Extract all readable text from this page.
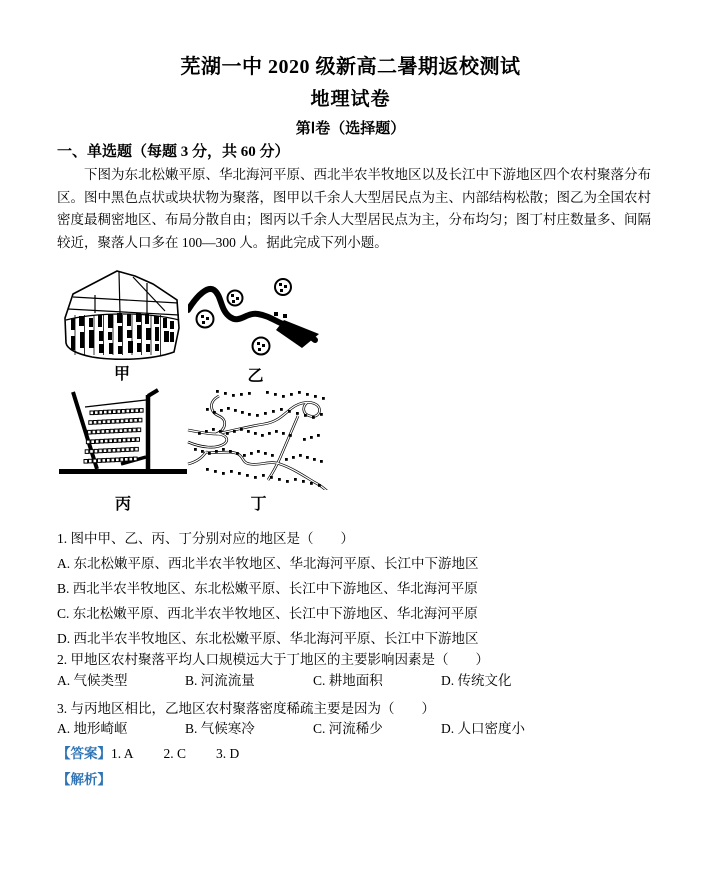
芜湖一中 2020 级新高二暑期返校测试
地理试卷
第Ⅰ卷（选择题）
一、单选题（每题 3 分，共 60 分）
下图为东北松嫩平原、华北海河平原、西北半农半牧地区以及长江中下游地区四个农村聚落分布区。图中黑色点状或块状物为聚落，图甲以千余人大型居民点为主、内部结构松散；图乙为全国农村密度最稠密地区、布局分散自由；图丙以千余人大型居民点为主，分布均匀；图丁村庄数量多、间隔较近，聚落人口多在 100—300 人。据此完成下列小题。
甲	乙
丙	丁
1. 图中甲、乙、丙、丁分别对应的地区是（　　）
A. 东北松嫩平原、西北半农半牧地区、华北海河平原、长江中下游地区
B. 西北半农半牧地区、东北松嫩平原、长江中下游地区、华北海河平原
C. 东北松嫩平原、西北半农半牧地区、长江中下游地区、华北海河平原
D. 西北半农半牧地区、东北松嫩平原、华北海河平原、长江中下游地区
2. 甲地区农村聚落平均人口规模远大于丁地区的主要影响因素是（　　）
A. 气候类型	B. 河流流量	C. 耕地面积	D. 传统文化
3. 与丙地区相比，乙地区农村聚落密度稀疏主要是因为（　　）
A. 地形崎岖	B. 气候寒冷	C. 河流稀少	D. 人口密度小
【答案】1. A 2. C 3. D
【解析】
